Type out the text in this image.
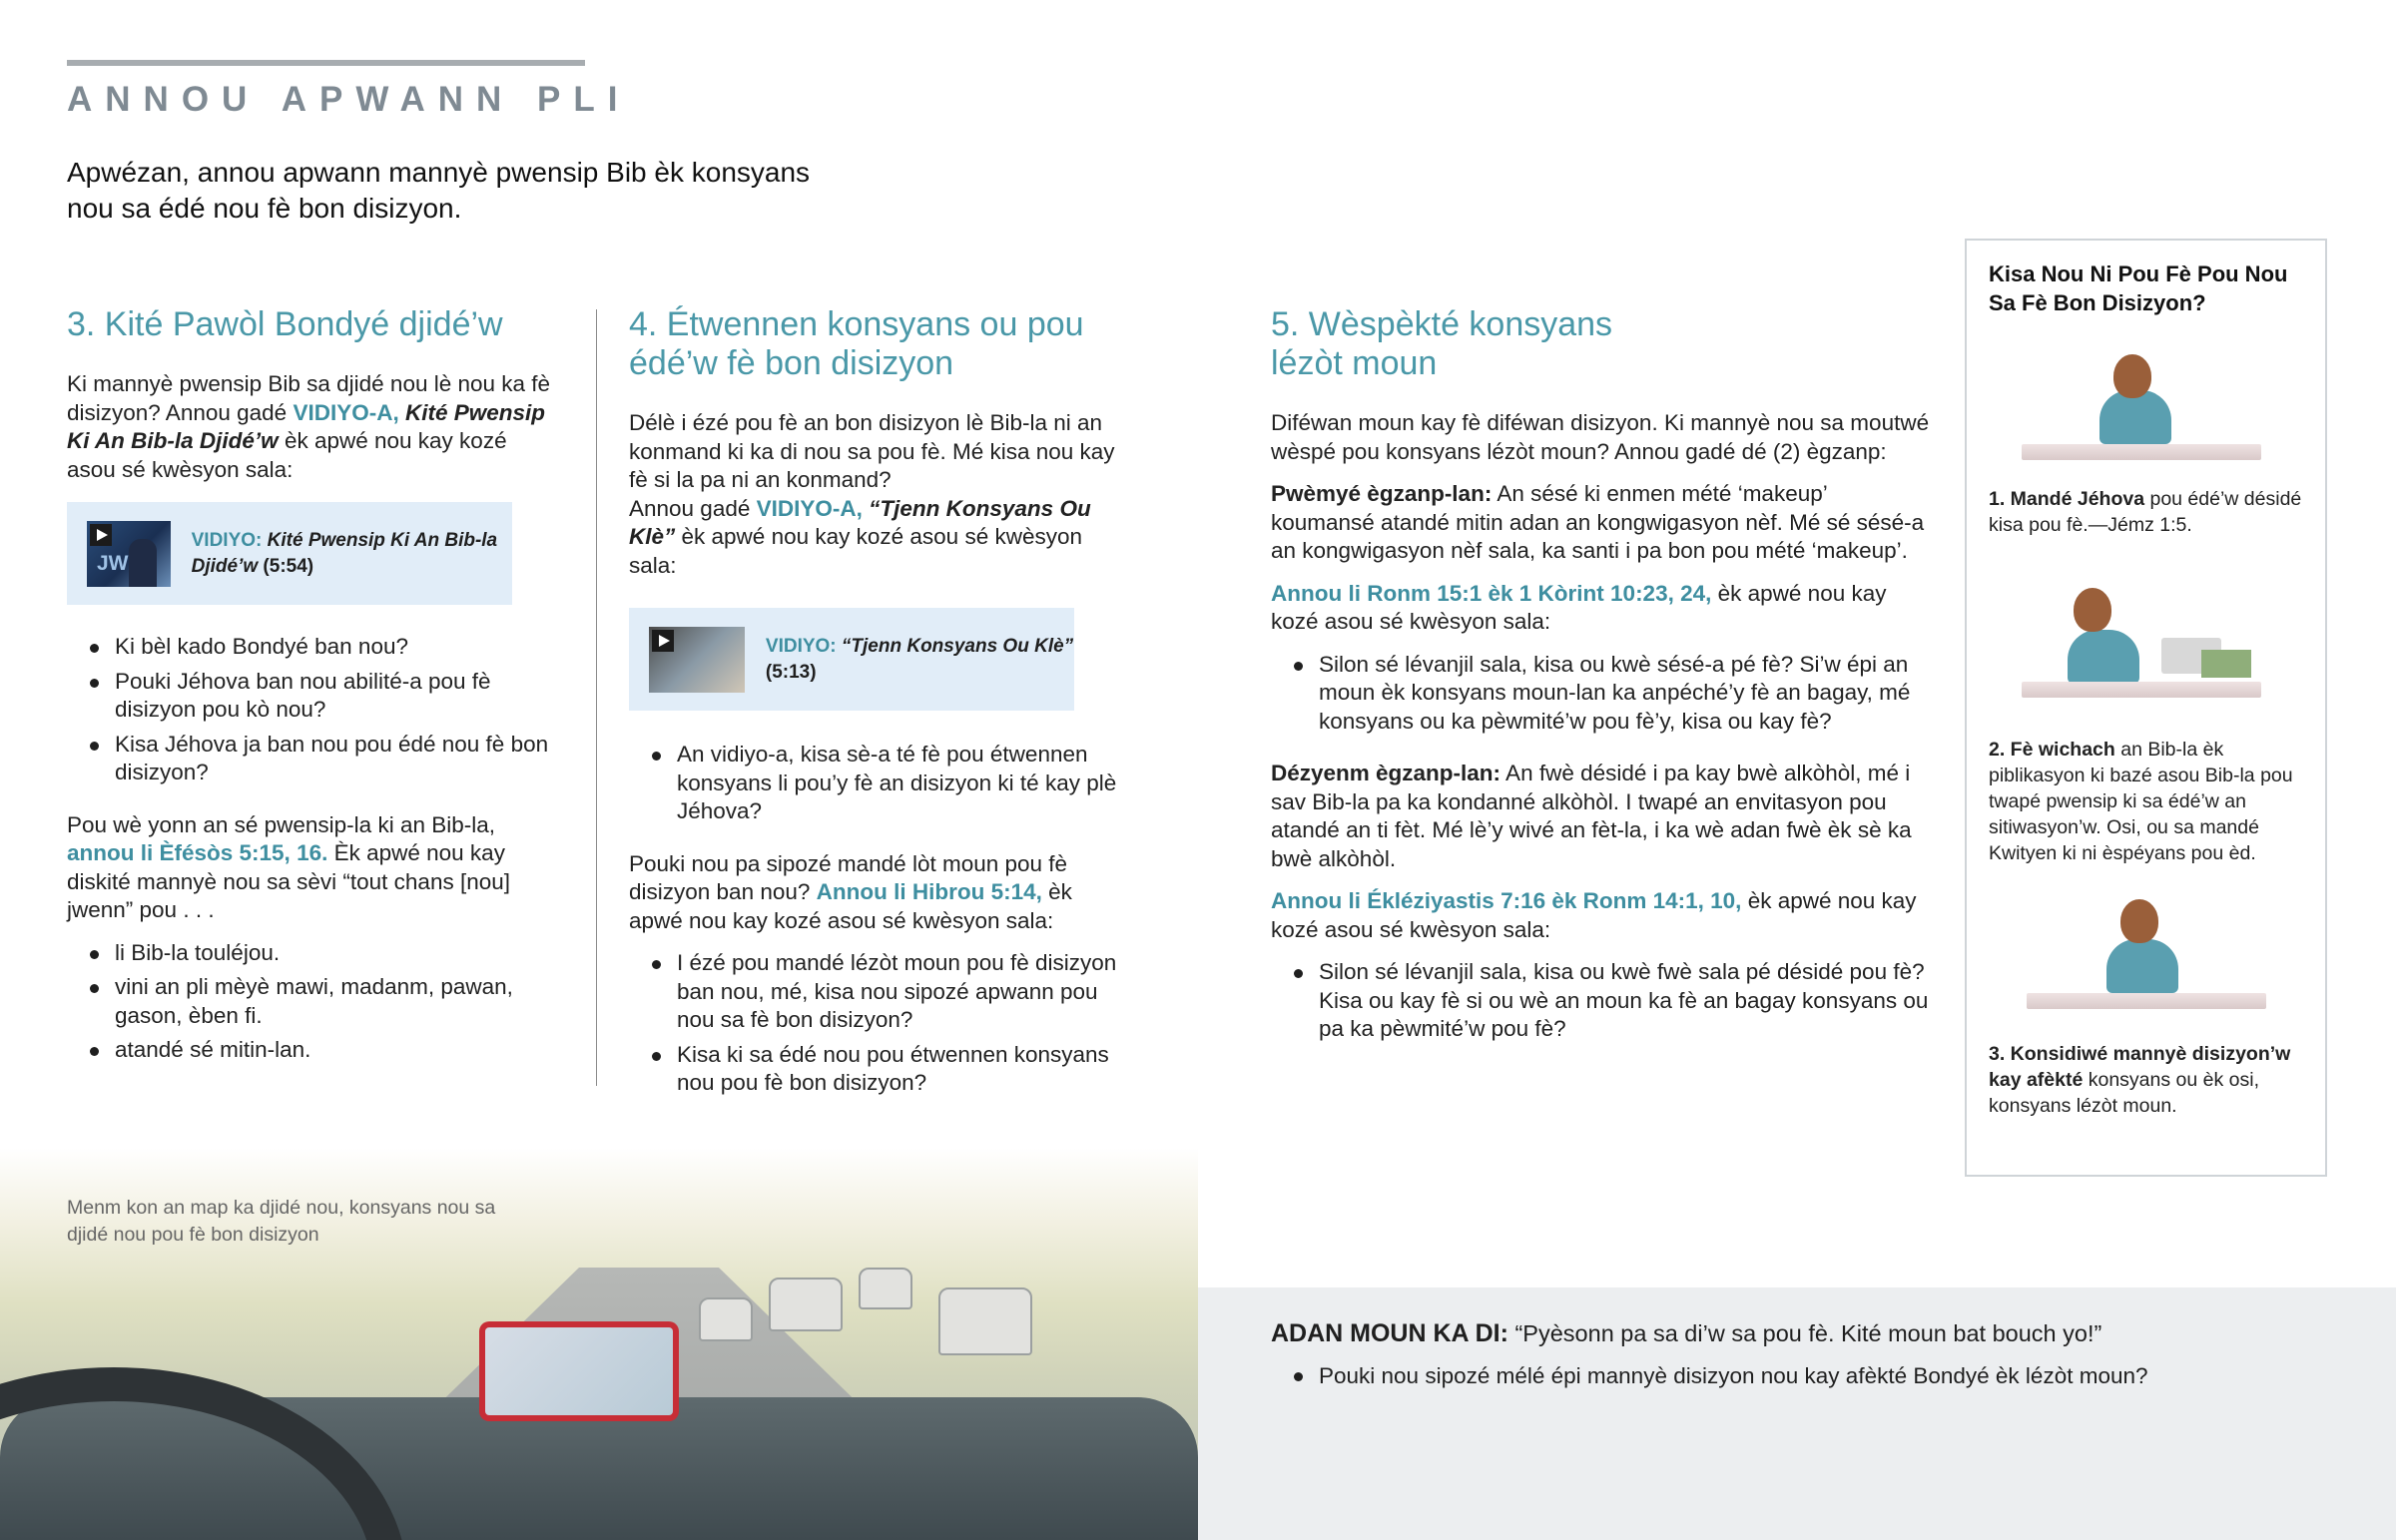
ANNOU APWANN PLI
Apwézan, annou apwann mannyè pwensip Bib èk konsyans
nou sa édé nou fè bon disizyon.
3. Kité Pawòl Bondyé djidé’w

Ki mannyè pwensip Bib sa djidé nou lè nou ka fè disizyon? Annou gadé VIDIYO-A, Kité Pwensip Ki An Bib-la Djidé’w èk apwé nou kay kozé asou sé kwèsyon sala:

JW
VIDIYO: Kité Pwensip Ki An Bib-la Djidé’w (5:54)
Ki bèl kado Bondyé ban nou?
Pouki Jéhova ban nou abilité-a pou fè disizyon pou kò nou?
Kisa Jéhova ja ban nou pou édé nou fè bon disizyon?

Pou wè yonn an sé pwensip-la ki an Bib-la, annou li Èfésòs 5:15, 16. Èk apwé nou kay diskité mannyè nou sa sèvi “tout chans [nou] jwenn” pou . . .

li Bib-la touléjou.
vini an pli mèyè mawi, madanm, pawan, gason, èben fi.
atandé sé mitin-lan.
4. Étwennen konsyans ou pou édé’w fè bon disizyon

Délè i ézé pou fè an bon disizyon lè Bib-la ni an konmand ki ka di nou sa pou fè. Mé kisa nou kay fè si la pa ni an konmand?

Annou gadé VIDIYO-A, “Tjenn Konsyans Ou Klè” èk apwé nou kay kozé asou sé kwèsyon sala:

VIDIYO: “Tjenn Konsyans Ou Klè” (5:13)
An vidiyo-a, kisa sè-a té fè pou étwennen konsyans li pou’y fè an disizyon ki té kay plè Jéhova?

Pouki nou pa sipozé mandé lòt moun pou fè disizyon ban nou? Annou li Hibrou 5:14, èk apwé nou kay kozé asou sé kwèsyon sala:

I ézé pou mandé lézòt moun pou fè disizyon ban nou, mé, kisa nou sipozé apwann pou nou sa fè bon disizyon?
Kisa ki sa édé nou pou étwennen konsyans nou pou fè bon disizyon?
5. Wèspèkté konsyans lézòt moun

Diféwan moun kay fè diféwan disizyon. Ki mannyè nou sa moutwé wèspé pou konsyans lézòt moun? Annou gadé dé (2) ègzanp:

Pwèmyé ègzanp-lan: An sésé ki enmen mété ‘makeup’ koumansé atandé mitin adan an kongwigasyon nèf. Mé sé sésé-a an kongwigasyon nèf sala, ka santi i pa bon pou mété ‘makeup’.

Annou li Ronm 15:1 èk 1 Kòrint 10:23, 24, èk apwé nou kay kozé asou sé kwèsyon sala:

Silon sé lévanjil sala, kisa ou kwè sésé-a pé fè? Si’w épi an moun èk konsyans moun-lan ka anpéché’y fè an bagay, mé konsyans ou ka pèwmité’w pou fè’y, kisa ou kay fè?

Dézyenm ègzanp-lan: An fwè désidé i pa kay bwè alkòhòl, mé i sav Bib-la pa ka kondanné alkòhòl. I twapé an envitasyon pou atandé an ti fèt. Mé lè’y wivé an fèt-la, i ka wè adan fwè èk sè ka bwè alkòhòl.

Annou li Ékléziyastis 7:16 èk Ronm 14:1, 10, èk apwé nou kay kozé asou sé kwèsyon sala:

Silon sé lévanjil sala, kisa ou kwè fwè sala pé désidé pou fè? Kisa ou kay fè si ou wè an moun ka fè an bagay konsyans ou pa ka pèwmité’w pou fè?
Kisa Nou Ni Pou Fè Pou Nou Sa Fè Bon Disizyon?
1. Mandé Jéhova pou édé’w désidé kisa pou fè.—Jémz 1:5.
2. Fè wichach an Bib-la èk piblikasyon ki bazé asou Bib-la pou twapé pwensip ki sa édé’w an sitiwasyon’w. Osi, ou sa mandé Kwityen ki ni èspéyans pou èd.
3. Konsidiwé mannyè disizyon’w kay afèkté konsyans ou èk osi, konsyans lézòt moun.
Menm kon an map ka djidé nou, konsyans nou sa djidé nou pou fè bon disizyon
ADAN MOUN KA DI: “Pyèsonn pa sa di’w sa pou fè. Kité moun bat bouch yo!”
Pouki nou sipozé mélé épi mannyè disizyon nou kay afèkté Bondyé èk lézòt moun?
